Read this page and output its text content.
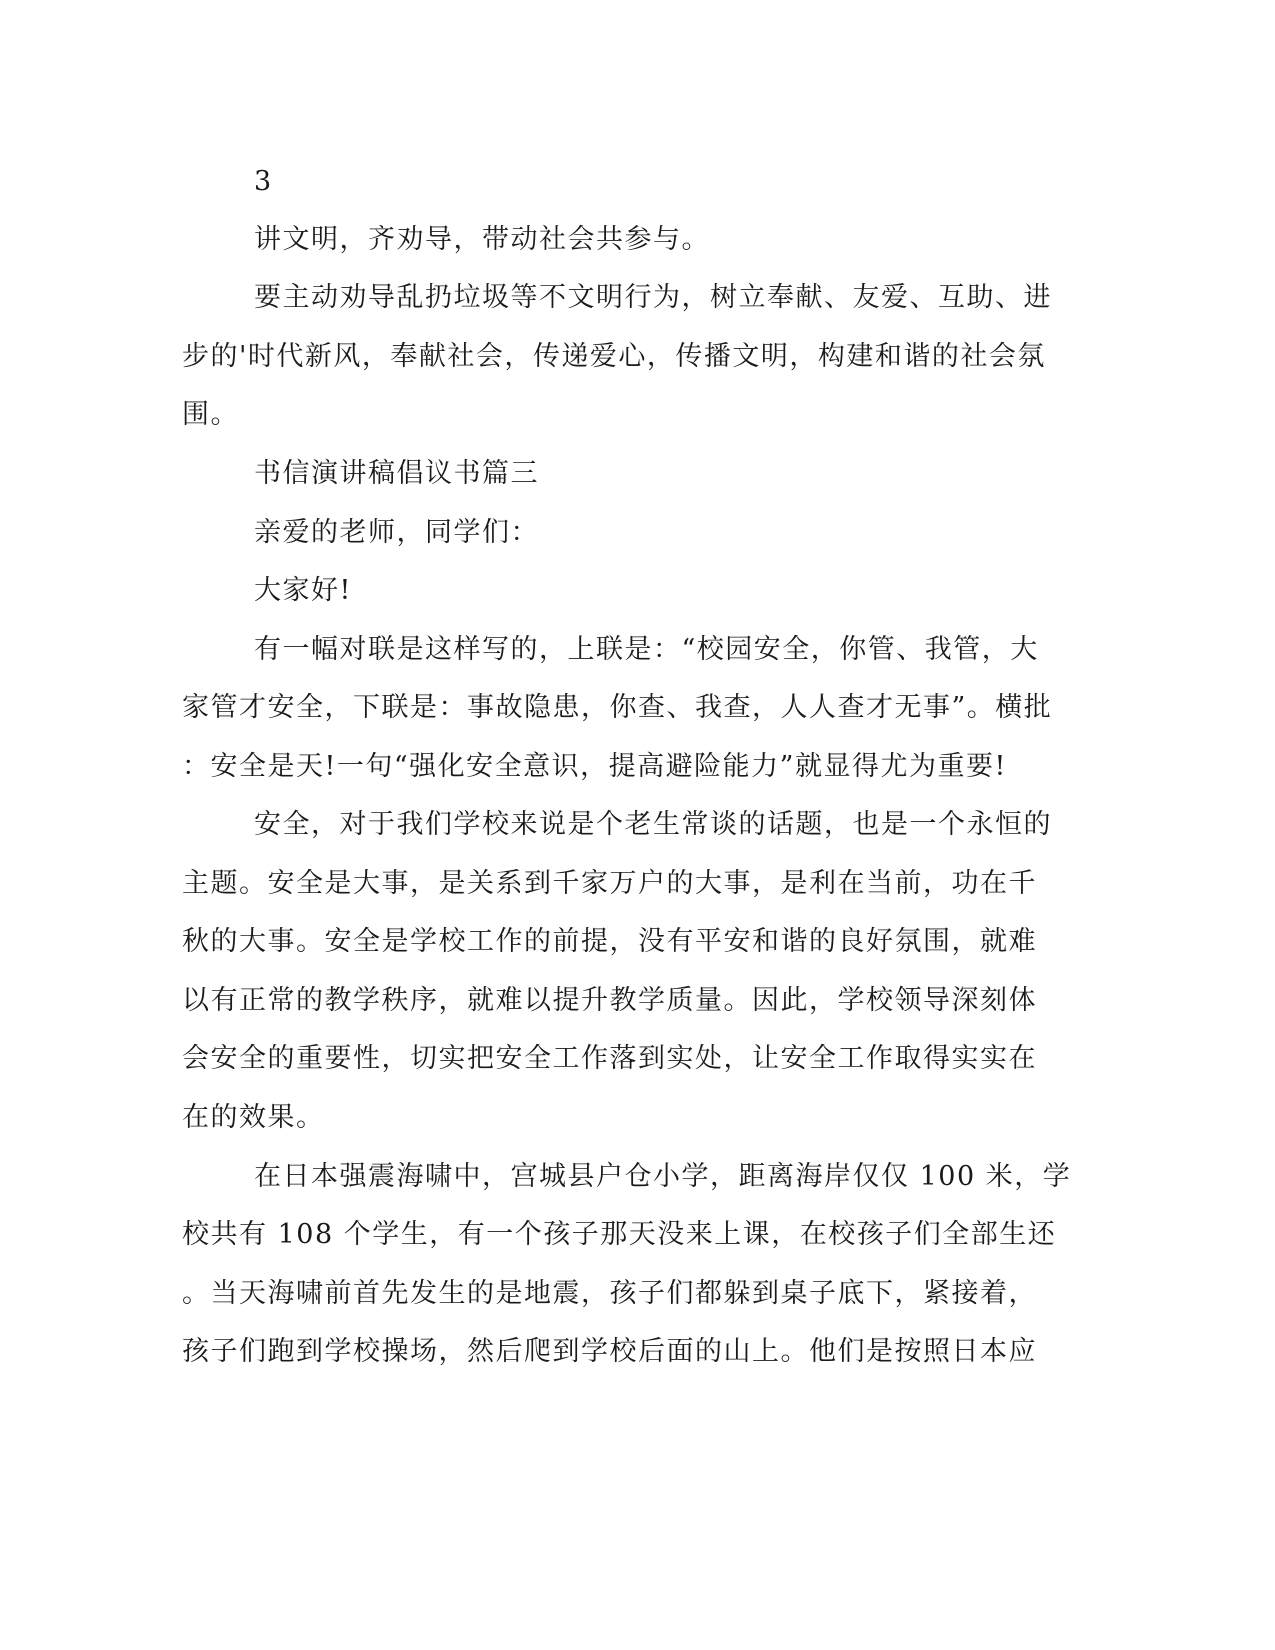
3
讲文明，齐劝导，带动社会共参与。
要主动劝导乱扔垃圾等不文明行为，树立奉献、友爱、互助、进
步的'时代新风，奉献社会，传递爱心，传播文明，构建和谐的社会氛
围。
书信演讲稿倡议书篇三
亲爱的老师，同学们：
大家好!
有一幅对联是这样写的，上联是：“校园安全，你管、我管，大
家管才安全，下联是：事故隐患，你查、我查，人人查才无事”。横批
：安全是天!一句“强化安全意识，提高避险能力”就显得尤为重要!
安全，对于我们学校来说是个老生常谈的话题，也是一个永恒的
主题。安全是大事，是关系到千家万户的大事，是利在当前，功在千
秋的大事。安全是学校工作的前提，没有平安和谐的良好氛围，就难
以有正常的教学秩序，就难以提升教学质量。因此，学校领导深刻体
会安全的重要性，切实把安全工作落到实处，让安全工作取得实实在
在的效果。
在日本强震海啸中，宫城县户仓小学，距离海岸仅仅 100 米，学
校共有 108 个学生，有一个孩子那天没来上课，在校孩子们全部生还
。当天海啸前首先发生的是地震，孩子们都躲到桌子底下，紧接着，
孩子们跑到学校操场，然后爬到学校后面的山上。他们是按照日本应
